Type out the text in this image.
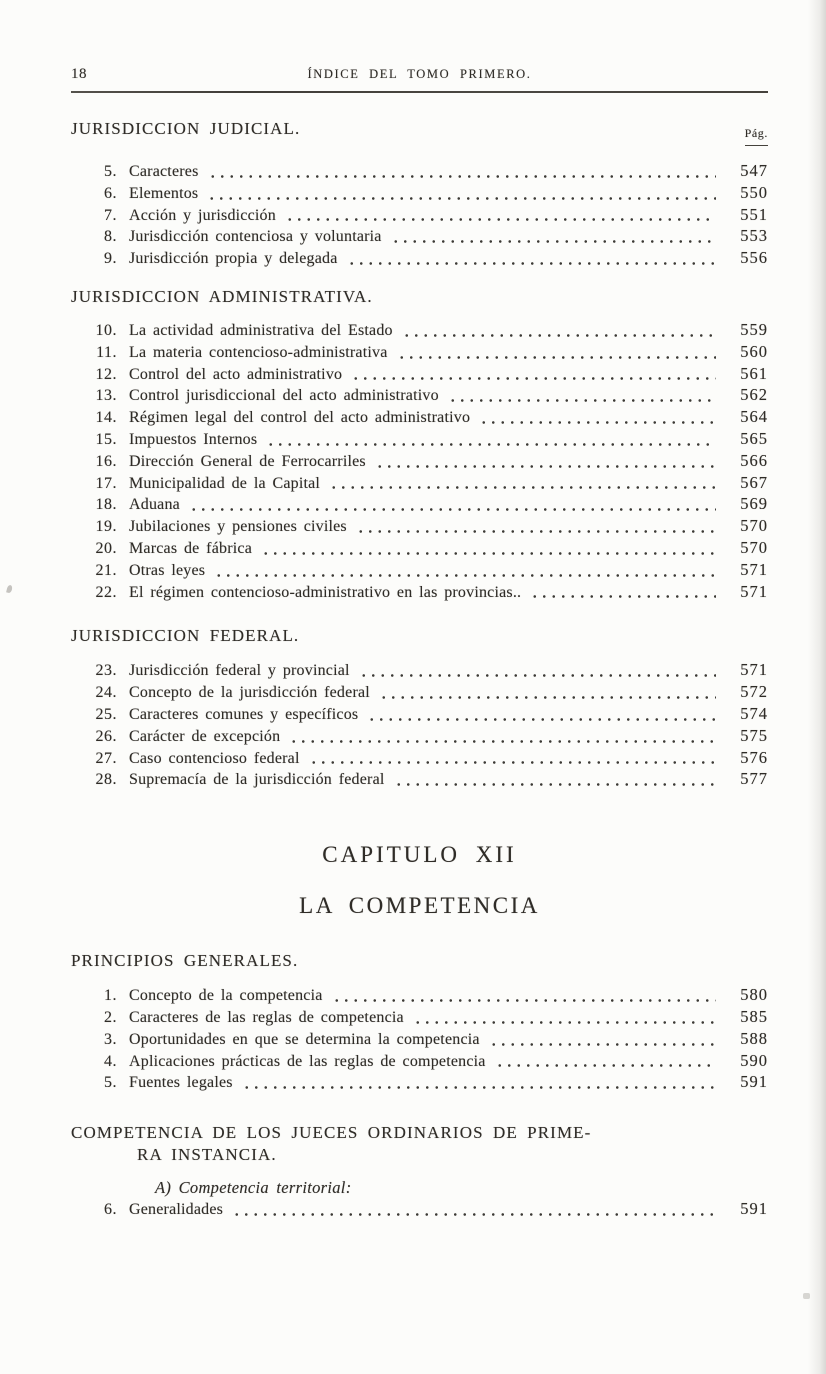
18	ÍNDICE DEL TOMO PRIMERO.
JURISDICCION JUDICIAL.	Pág.
5. Caracteres	547
6. Elementos	550
7. Acción y jurisdicción	551
8. Jurisdicción contenciosa y voluntaria	553
9. Jurisdicción propia y delegada	556
JURISDICCION ADMINISTRATIVA.
10. La actividad administrativa del Estado	559
11. La materia contencioso-administrativa	560
12. Control del acto administrativo	561
13. Control jurisdiccional del acto administrativo	562
14. Régimen legal del control del acto administrativo	564
15. Impuestos Internos	565
16. Dirección General de Ferrocarriles	566
17. Municipalidad de la Capital	567
18. Aduana	569
19. Jubilaciones y pensiones civiles	570
20. Marcas de fábrica	570
21. Otras leyes	571
22. El régimen contencioso-administrativo en las provincias..	571
JURISDICCION FEDERAL.
23. Jurisdicción federal y provincial	571
24. Concepto de la jurisdicción federal	572
25. Caracteres comunes y específicos	574
26. Carácter de excepción	575
27. Caso contencioso federal	576
28. Supremacía de la jurisdicción federal	577
CAPITULO XII
LA COMPETENCIA
PRINCIPIOS GENERALES.
1. Concepto de la competencia	580
2. Caracteres de las reglas de competencia	585
3. Oportunidades en que se determina la competencia	588
4. Aplicaciones prácticas de las reglas de competencia	590
5. Fuentes legales	591
COMPETENCIA DE LOS JUECES ORDINARIOS DE PRIME-
RA INSTANCIA.
A) Competencia territorial:
6. Generalidades	591
